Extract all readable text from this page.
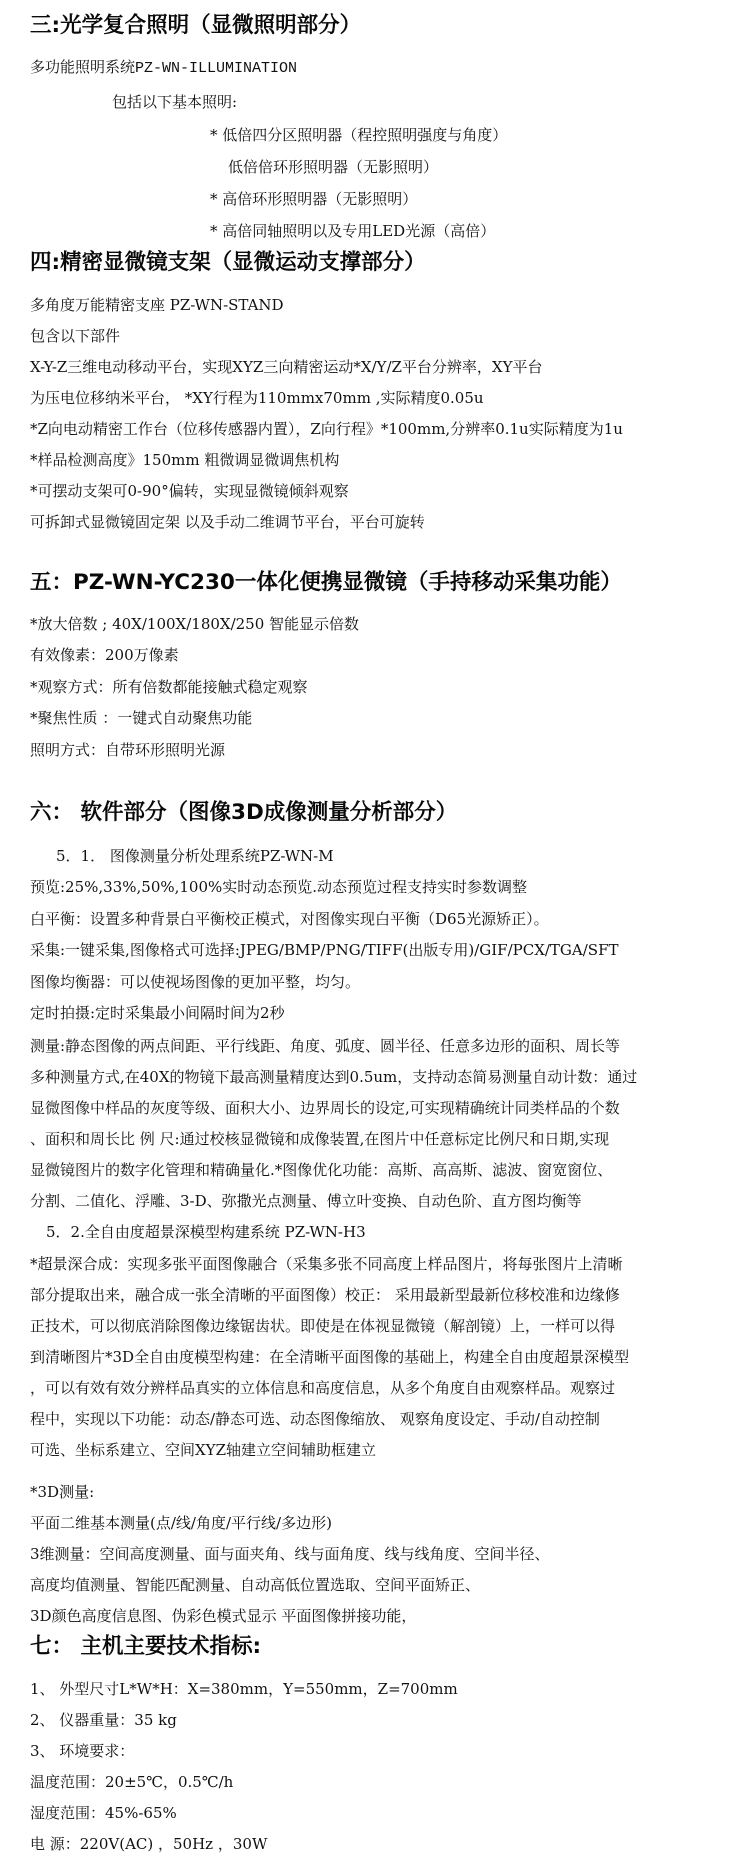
三:光学复合照明（显微照明部分）
多功能照明系统PZ-WN-ILLUMINATION
包括以下基本照明:
* 低倍四分区照明器（程控照明强度与角度）
低倍倍环形照明器（无影照明）
* 高倍环形照明器（无影照明）
* 高倍同轴照明以及专用LED光源（高倍）
四:精密显微镜支架（显微运动支撑部分）
多角度万能精密支座 PZ-WN-STAND
包含以下部件
X-Y-Z三维电动移动平台，实现XYZ三向精密运动*X/Y/Z平台分辨率，XY平台
为压电位移纳米平台， *XY行程为110mmx70mm ,实际精度0.05u
*Z向电动精密工作台（位移传感器内置），Z向行程》*100mm,分辨率0.1u实际精度为1u
*样品检测高度》150mm 粗微调显微调焦机构
*可摆动支架可0-90°偏转，实现显微镜倾斜观察
可拆卸式显微镜固定架 以及手动二维调节平台，平台可旋转
五：PZ-WN-YC230一体化便携显微镜（手持移动采集功能）
*放大倍数 ; 40X/100X/180X/250 智能显示倍数
有效像素：200万像素
*观察方式：所有倍数都能接触式稳定观察
*聚焦性质 ：一键式自动聚焦功能
照明方式：自带环形照明光源
六： 软件部分（图像3D成像测量分析部分）
5．1． 图像测量分析处理系统PZ-WN-M
预览:25%,33%,50%,100%实时动态预览.动态预览过程支持实时参数调整
白平衡：设置多种背景白平衡校正模式，对图像实现白平衡（D65光源矫正）。
采集:一键采集,图像格式可选择:JPEG/BMP/PNG/TIFF(出版专用)/GIF/PCX/TGA/SFT
图像均衡器：可以使视场图像的更加平整，均匀。
定时拍摄:定时采集最小间隔时间为2秒
测量:静态图像的两点间距、平行线距、角度、弧度、圆半径、任意多边形的面积、周长等
多种测量方式,在40X的物镜下最高测量精度达到0.5um，支持动态简易测量自动计数：通过
显微图像中样品的灰度等级、面积大小、边界周长的设定,可实现精确统计同类样品的个数
、面积和周长比 例 尺:通过校核显微镜和成像装置,在图片中任意标定比例尺和日期,实现
显微镜图片的数字化管理和精确量化.*图像优化功能：高斯、高高斯、滤波、窗宽窗位、
分割、二值化、浮雕、3-D、弥撒光点测量、傅立叶变换、自动色阶、直方图均衡等
5．2.全自由度超景深模型构建系统 PZ-WN-H3
*超景深合成：实现多张平面图像融合（采集多张不同高度上样品图片，将每张图片上清晰
部分提取出来，融合成一张全清晰的平面图像）校正： 采用最新型最新位移校准和边缘修
正技术，可以彻底消除图像边缘锯齿状。即使是在体视显微镜（解剖镜）上，一样可以得
到清晰图片*3D全自由度模型构建：在全清晰平面图像的基础上，构建全自由度超景深模型
，可以有效有效分辨样品真实的立体信息和高度信息，从多个角度自由观察样品。观察过
程中，实现以下功能：动态/静态可选、动态图像缩放、 观察角度设定、手动/自动控制
可选、坐标系建立、空间XYZ轴建立空间辅助框建立
*3D测量:
平面二维基本测量(点/线/角度/平行线/多边形)
3维测量：空间高度测量、面与面夹角、线与面角度、线与线角度、空间半径、
高度均值测量、智能匹配测量、自动高低位置选取、空间平面矫正、
3D颜色高度信息图、伪彩色模式显示 平面图像拼接功能，
七： 主机主要技术指标:
1、 外型尺寸L*W*H：X=380mm，Y=550mm，Z=700mm
2、 仪器重量：35 kg
3、 环境要求：
温度范围：20±5℃，0.5℃/h
湿度范围：45%-65%
电 源：220V(AC) ，50Hz ，30W
